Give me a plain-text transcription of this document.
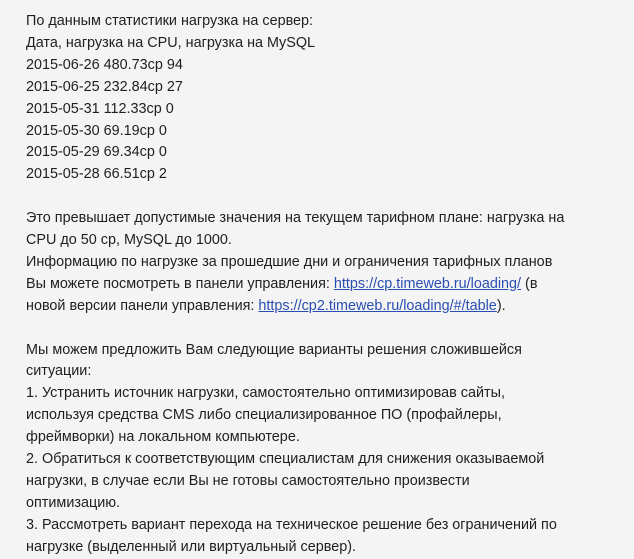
По данным статистики нагрузка на сервер:
Дата, нагрузка на CPU, нагрузка на MySQL
2015-06-26 480.73cp 94
2015-06-25 232.84cp 27
2015-05-31 112.33cp 0
2015-05-30 69.19cp 0
2015-05-29 69.34cp 0
2015-05-28 66.51cp 2
Это превышает допустимые значения на текущем тарифном плане: нагрузка на
CPU до 50 cp, MySQL до 1000.
Информацию по нагрузке за прошедшие дни и ограничения тарифных планов
Вы можете посмотреть в панели управления: https://cp.timeweb.ru/loading/ (в
новой версии панели управления: https://cp2.timeweb.ru/loading/#/table).
Мы можем предложить Вам следующие варианты решения сложившейся
ситуации:
1. Устранить источник нагрузки, самостоятельно оптимизировав сайты,
используя средства CMS либо специализированное ПО (профайлеры,
фреймворки) на локальном компьютере.
2. Обратиться к соответствующим специалистам для снижения оказываемой
нагрузки, в случае если Вы не готовы самостоятельно произвести
оптимизацию.
3. Рассмотреть вариант перехода на техническое решение без ограничений по
нагрузке (выделенный или виртуальный сервер).
